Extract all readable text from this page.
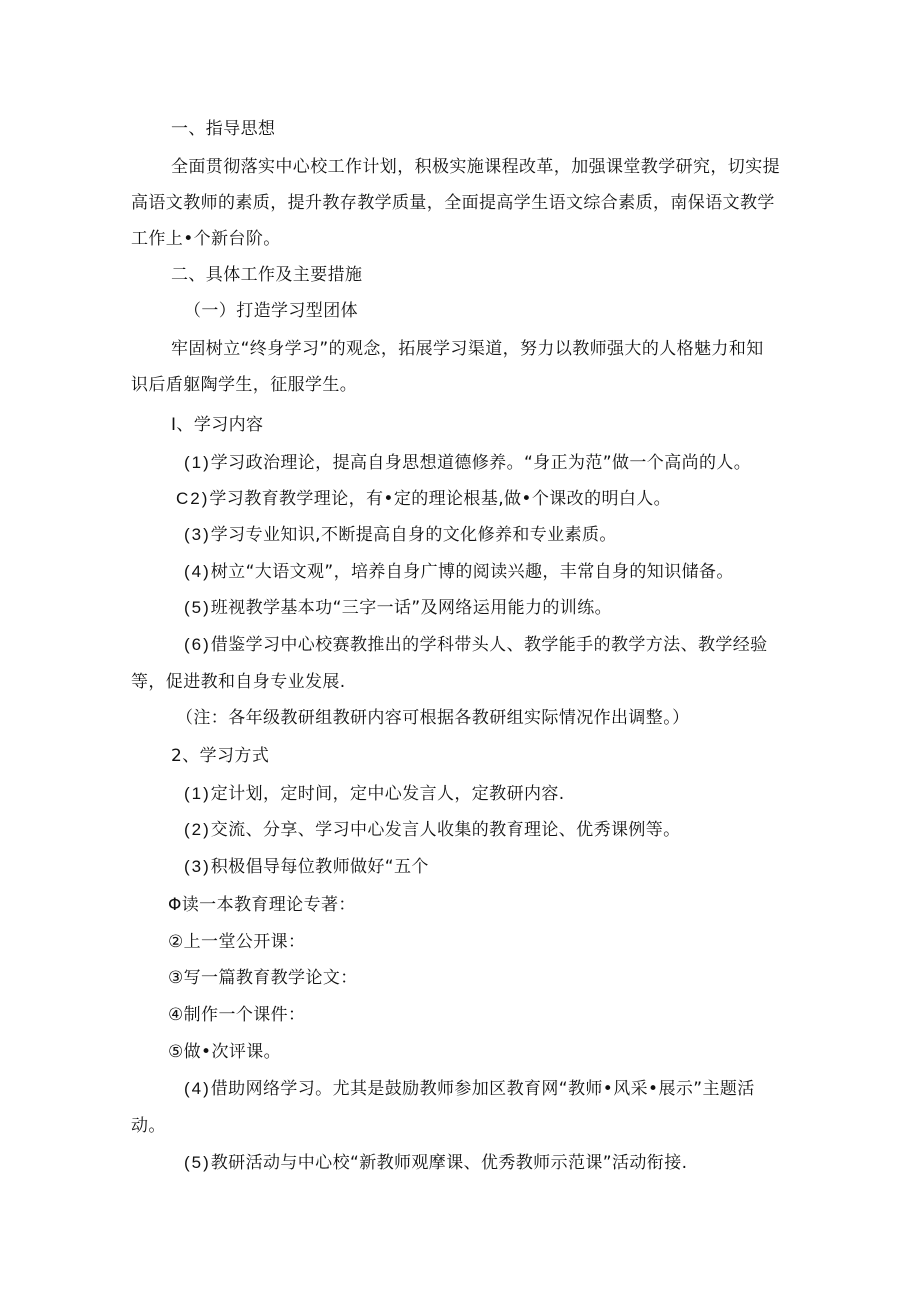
一、指导思想
全面贯彻落实中心校工作计划，积极实施课程改革，加强课堂教学研究，切实提
高语文教师的素质，提升教存教学质量，全面提高学生语文综合素质，南保语文教学
工作上•个新台阶。
二、具体工作及主要措施
（一）打造学习型团体
牢固树立“终身学习”的观念，拓展学习渠道，努力以教师强大的人格魅力和知
识后盾躯陶学生，征服学生。
I、学习内容
(1)学习政治理论，提高自身思想道德修养。“身正为范”做一个高尚的人。
C2)学习教育教学理论，有•定的理论根基,做•个课改的明白人。
(3)学习专业知识,不断提高自身的文化修养和专业素质。
(4)树立“大语文观”，培养自身广博的阅读兴趣，丰常自身的知识储备。
(5)班视教学基本功“三字一话”及网络运用能力的训练。
(6)借鉴学习中心校赛教推出的学科带头人、教学能手的教学方法、教学经验
等，促进教和自身专业发展.
（注：各年级教研组教研内容可根据各教研组实际情况作出调整。）
2、学习方式
(1)定计划，定时间，定中心发言人，定教研内容.
(2)交流、分享、学习中心发言人收集的教育理论、优秀课例等。
(3)积极倡导每位教师做好“五个
Φ读一本教育理论专著：
②上一堂公开课：
③写一篇教育教学论文：
④制作一个课件：
⑤做•次评课。
(4)借助网络学习。尤其是鼓励教师参加区教育网“教师•风采•展示”主题活
动。
(5)教研活动与中心校“新教师观摩课、优秀教师示范课”活动衔接.
